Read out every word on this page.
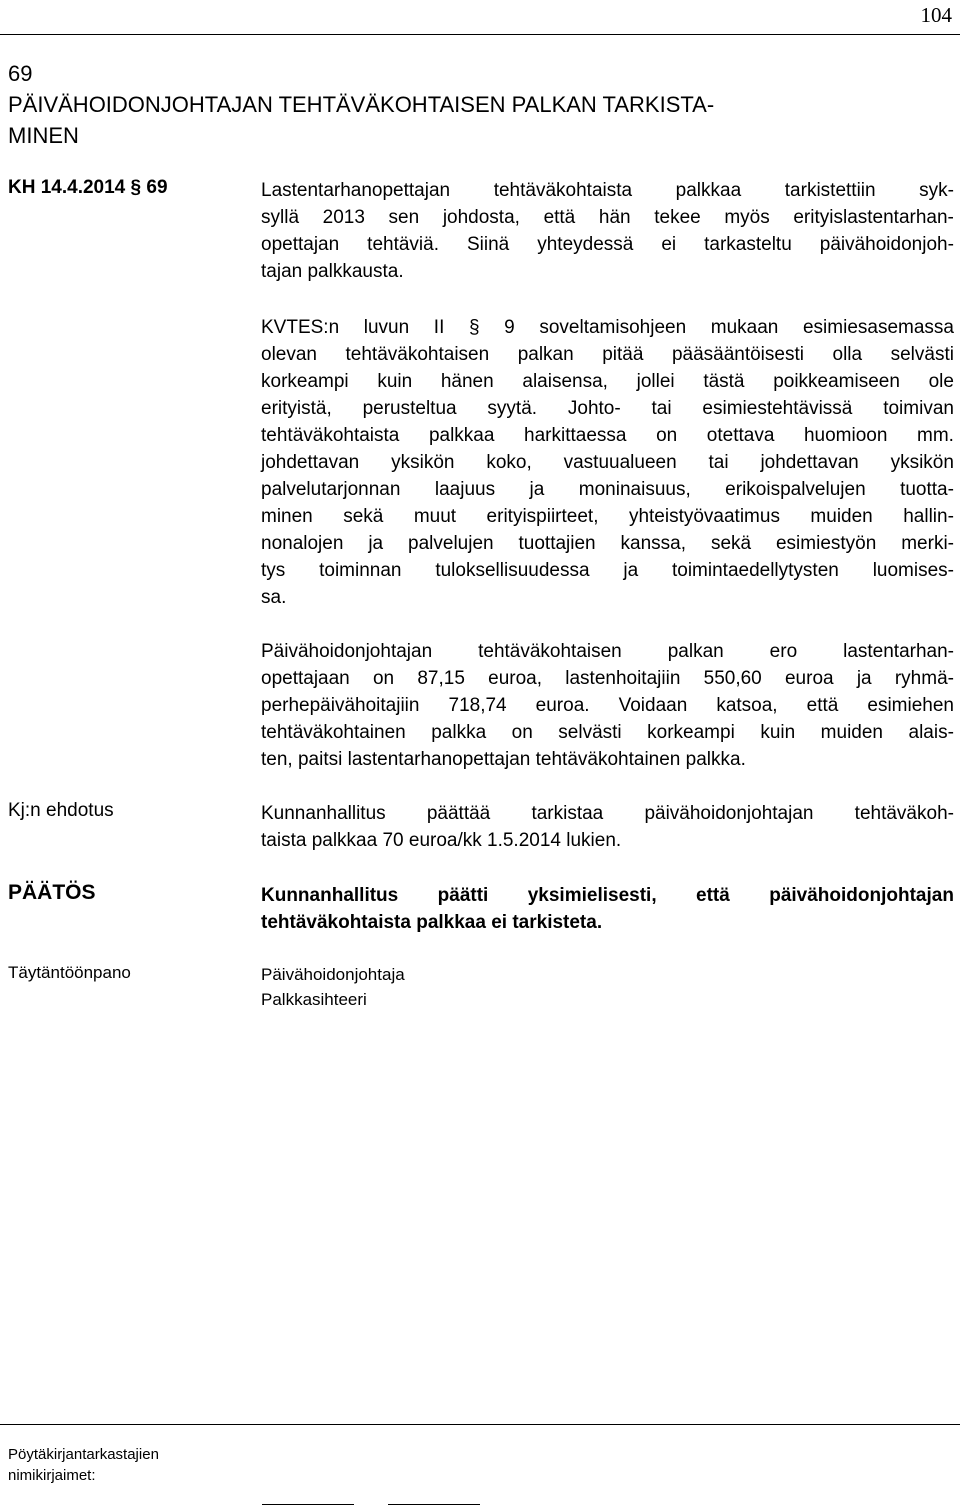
104
69
PÄIVÄHOIDONJOHTAJAN TEHTÄVÄKOHTAISEN PALKAN TARKISTA-
MINEN
KH 14.4.2014 § 69	Lastentarhanopettajan tehtäväkohtaista palkkaa tarkistettiin syk-
syllä 2013 sen johdosta, että hän tekee myös erityislastentarhan-
opettajan tehtäviä. Siinä yhteydessä ei tarkasteltu päivähoidonjoh-
tajan palkkausta.
KVTES:n luvun II § 9 soveltamisohjeen mukaan esimiesasemassa
olevan tehtäväkohtaisen palkan pitää pääsääntöisesti olla selvästi
korkeampi kuin hänen alaisensa, jollei tästä poikkeamiseen ole
erityistä, perusteltua syytä. Johto- tai esimiestehtävissä toimivan
tehtäväkohtaista palkkaa harkittaessa on otettava huomioon mm.
johdettavan yksikön koko, vastuualueen tai johdettavan yksikön
palvelutarjonnan laajuus ja moninaisuus, erikoispalvelujen tuotta-
minen sekä muut erityispiirteet, yhteistyövaatimus muiden hallin-
nonalojen ja palvelujen tuottajien kanssa, sekä esimiestyön merki-
tys toiminnan tuloksellisuudessa ja toimintaedellytysten luomises-
sa.
Päivähoidonjohtajan tehtäväkohtaisen palkan ero lastentarhan-
opettajaan on 87,15 euroa, lastenhoitajiin 550,60 euroa ja ryhmä-
perhepäivähoitajiin 718,74 euroa. Voidaan katsoa, että esimiehen
tehtäväkohtainen palkka on selvästi korkeampi kuin muiden alais-
ten, paitsi lastentarhanopettajan tehtäväkohtainen palkka.
Kj:n ehdotus	Kunnanhallitus päättää tarkistaa päivähoidonjohtajan tehtäväkoh-
taista palkkaa 70 euroa/kk 1.5.2014 lukien.
PÄÄTÖS	Kunnanhallitus päätti yksimielisesti, että päivähoidonjohtajan
tehtäväkohtaista palkkaa ei tarkisteta.
Täytäntöönpano	Päivähoidonjohtaja
Palkkasihteeri
Pöytäkirjantarkastajien
nimikirjaimet:
